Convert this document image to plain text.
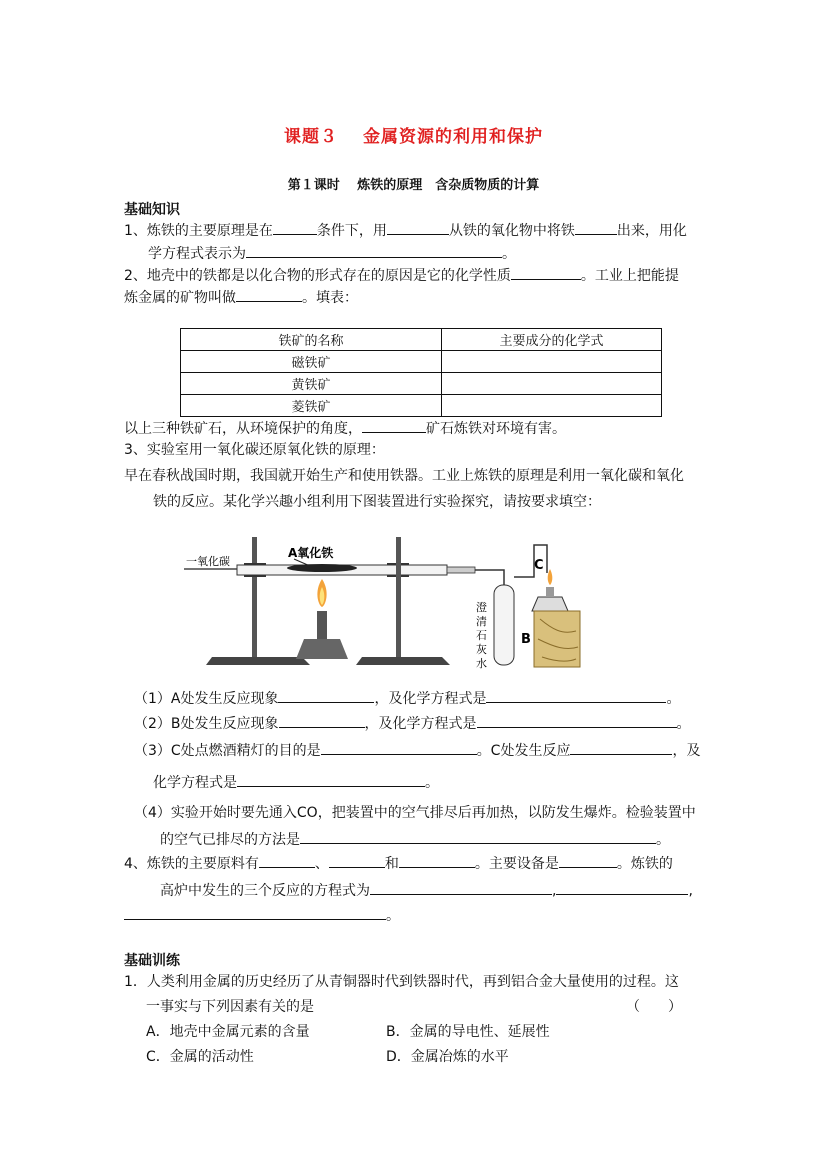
课题３　 金属资源的利用和保护
第１课时　 炼铁的原理　含杂质物质的计算
基础知识
1、炼铁的主要原理是在	条件下，用	从铁的氧化物中将铁	出来，用化
学方程式表示为	。
2、地壳中的铁都是以化合物的形式存在的原因是它的化学性质	。工业上把能提
炼金属的矿物叫做	。填表：
铁矿的名称	主要成分的化学式
磁铁矿	
黄铁矿	
菱铁矿	
以上三种铁矿石，从环境保护的角度，	矿石炼铁对环境有害。
3、实验室用一氧化碳还原氧化铁的原理：
早在春秋战国时期，我国就开始生产和使用铁器。工业上炼铁的原理是利用一氧化碳和氧化
铁的反应。某化学兴趣小组利用下图装置进行实验探究，请按要求填空：
一氧化碳
A氧化铁
B
澄
清
石
灰
水
C
（1）A处发生反应现象	，及化学方程式是	。
（2）B处发生反应现象	，及化学方程式是	。
（3）C处点燃酒精灯的目的是	。C处发生反应	，及
化学方程式是	。
（4）实验开始时要先通入CO，把装置中的空气排尽后再加热，以防发生爆炸。检验装置中
的空气已排尽的方法是	。
4、炼铁的主要原料有	、	和	。主要设备是	。炼铁的
高炉中发生的三个反应的方程式为	,	,
。
基础训练
1．人类利用金属的历史经历了从青铜器时代到铁器时代，再到铝合金大量使用的过程。这
一事实与下列因素有关的是	（　　）
A．地壳中金属元素的含量	B．金属的导电性、延展性
C．金属的活动性	D．金属冶炼的水平
